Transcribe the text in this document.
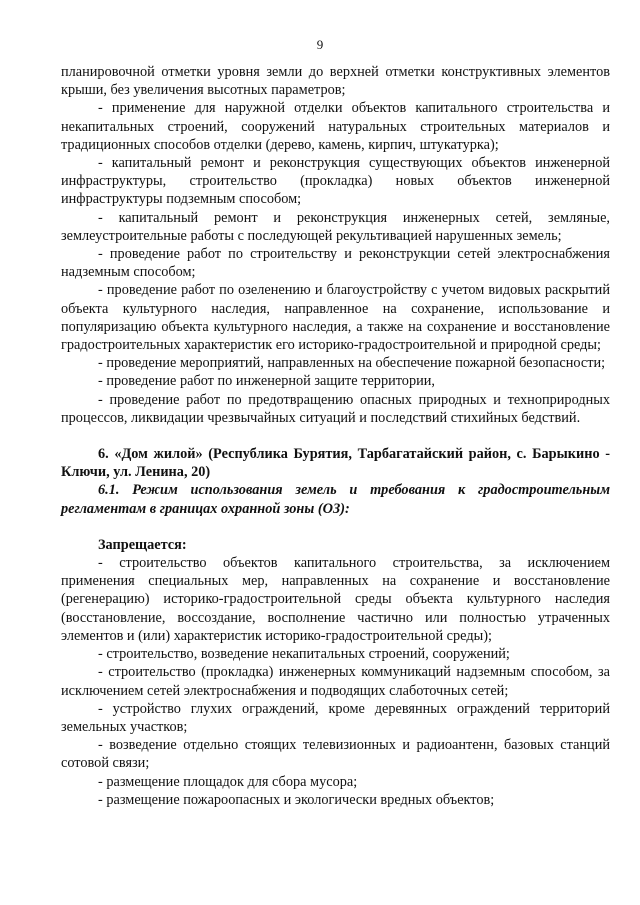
9

планировочной отметки уровня земли до верхней отметки конструктивных элементов крыши, без увеличения высотных параметров;

- применение для наружной отделки объектов капитального строительства и некапитальных строений, сооружений натуральных строительных материалов и традиционных способов отделки (дерево, камень, кирпич, штукатурка);

- капитальный ремонт и реконструкция существующих объектов инженерной инфраструктуры, строительство (прокладка) новых объектов инженерной инфраструктуры подземным способом;

- капитальный ремонт и реконструкция инженерных сетей, земляные, землеустроительные работы с последующей рекультивацией нарушенных земель;

- проведение работ по строительству и реконструкции сетей электроснабжения надземным способом;

- проведение работ по озеленению и благоустройству с учетом видовых раскрытий объекта культурного наследия, направленное на сохранение, использование и популяризацию объекта культурного наследия, а также на сохранение и восстановление градостроительных характеристик его историко-градостроительной и природной среды;

- проведение мероприятий, направленных на обеспечение пожарной безопасности;

- проведение работ по инженерной защите территории,

- проведение работ по предотвращению опасных природных и техноприродных процессов, ликвидации чрезвычайных ситуаций и последствий стихийных бедствий.

6. «Дом жилой» (Республика Бурятия, Тарбагатайский район, с. Барыкино - Ключи, ул. Ленина, 20)

6.1. Режим использования земель и требования к градостроительным регламентам в границах охранной зоны (ОЗ):

Запрещается:

- строительство объектов капитального строительства, за исключением применения специальных мер, направленных на сохранение и восстановление (регенерацию) историко-градостроительной среды объекта культурного наследия (восстановление, воссоздание, восполнение частично или полностью утраченных элементов и (или) характеристик историко-градостроительной среды);

- строительство, возведение некапитальных строений, сооружений;

- строительство (прокладка) инженерных коммуникаций надземным способом, за исключением сетей электроснабжения и подводящих слаботочных сетей;

- устройство глухих ограждений, кроме деревянных ограждений территорий земельных участков;

- возведение отдельно стоящих телевизионных и радиоантенн, базовых станций сотовой связи;

- размещение площадок для сбора мусора;

- размещение пожароопасных и экологически вредных объектов;
